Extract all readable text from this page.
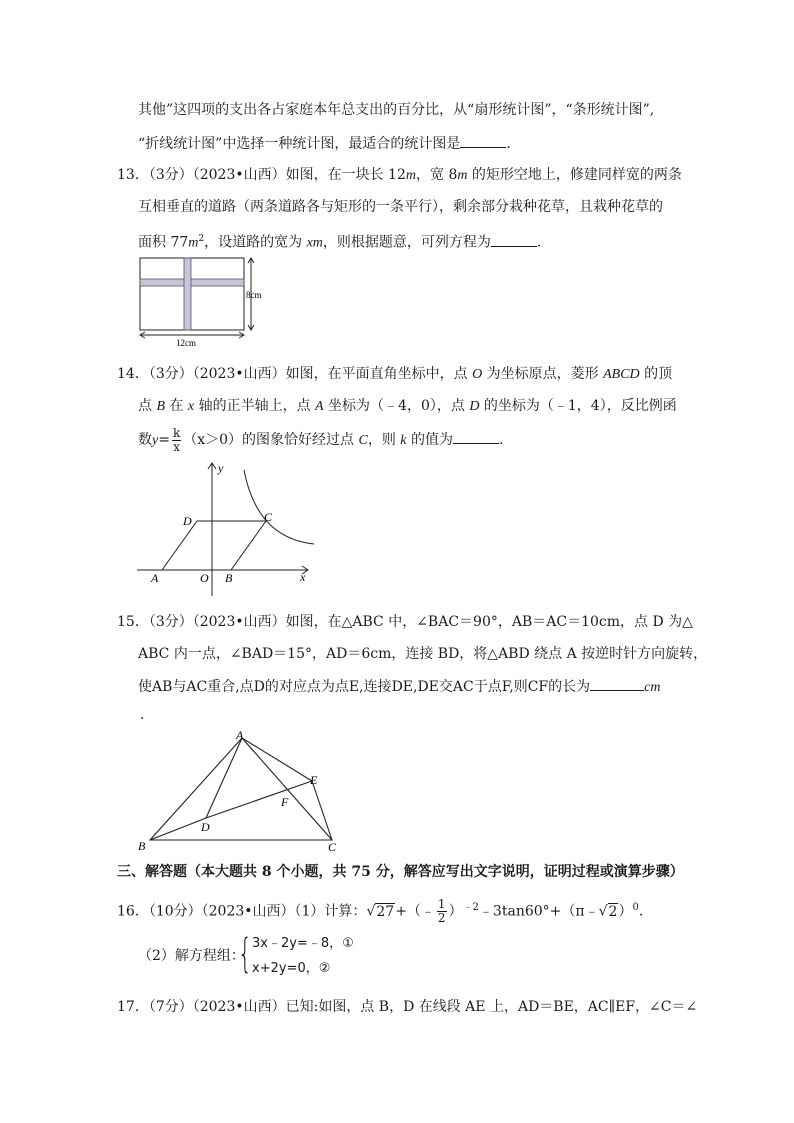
其他”这四项的支出各占家庭本年总支出的百分比，从“扇形统计图”，“条形统计图”,
“折线统计图”中选择一种统计图，最适合的统计图是	.
13．（3分）（2023•山西）如图，在一块长 12m，宽 8m 的矩形空地上，修建同样宽的两条
互相垂直的道路（两条道路各与矩形的一条平行），剩余部分栽种花草，且栽种花草的
面积 $77m^2$，设道路的宽为 xm，则根据题意，可列方程为	.
8cm
12cm
14．（3分）（2023•山西）如图，在平面直角坐标中，点 O 为坐标原点，菱形 ABCD 的顶
点 B 在 x 轴的正半轴上，点 A 坐标为（﹣4，0），点 D 的坐标为（﹣1，4），反比例函
数$y= \frac{k}{x} (x>0)$的图象恰好经过点 C，则 k 的值为	.
y
x
D	C
A	O B
15．（3分）（2023•山西）如图，在△ABC 中，∠BAC＝90°，AB＝AC＝10cm，点 D 为△
ABC 内一点，∠BAD＝15°，AD＝6cm，连接 BD，将△ABD 绕点 A 按逆时针方向旋转，
使AB与AC重合,点D的对应点为点E,连接DE,DE交AC于点F,则CF的长为	cm
.
A
E
F
D
B	C
三、解答题（本大题共 8 个小题，共 75 分，解答应写出文字说明，证明过程或演算步骤）
16．（10分）（2023•山西）（1）计算：√27+（﹣ $\frac{1}{2}$ ）$^{﹣2}$﹣3tan60°+（π﹣√2）$^0$.
（2）解方程组：
{ 3x﹣2y=﹣8，①
x+2y=0，②
17．（7分）（2023•山西）已知:如图，点 B，D 在线段 AE 上，AD＝BE，AC∥EF，∠C＝∠
